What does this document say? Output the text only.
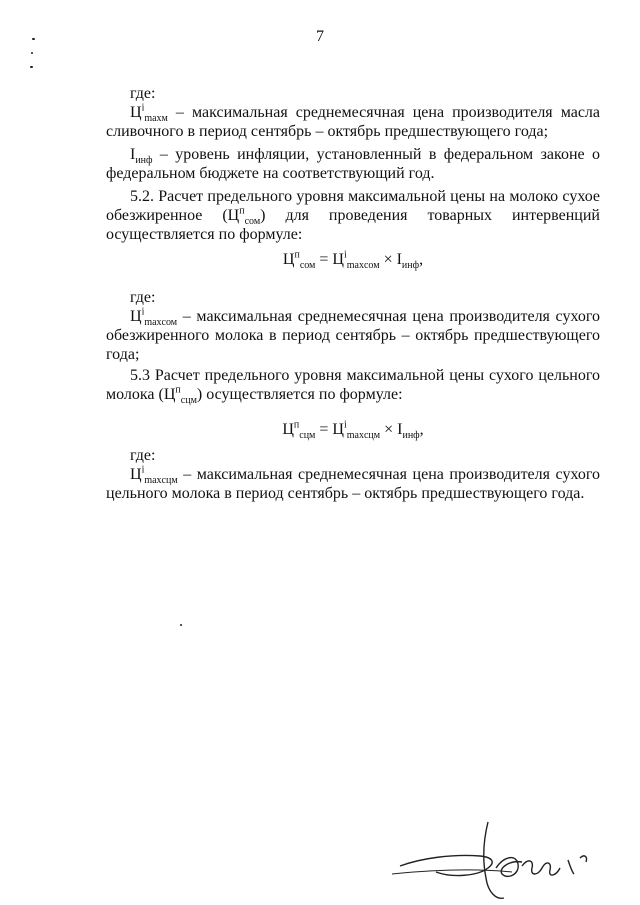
7

где:

$Ц^i_{maxм}$ – максимальная среднемесячная цена производителя масла сливочного в период сентябрь – октябрь предшествующего года;

$I_{инф}$ – уровень инфляции, установленный в федеральном законе о федеральном бюджете на соответствующий год.

5.2. Расчет предельного уровня максимальной цены на молоко сухое обезжиренное $(Ц^п_{сом})$ для проведения товарных интервенций осуществляется по формуле:

$Ц^п_{сом} = Ц^i_{maxсом} \times I_{инф}$,

где:

$Ц^i_{maxсом}$ – максимальная среднемесячная цена производителя сухого обезжиренного молока в период сентябрь – октябрь предшествующего года;

5.3 Расчет предельного уровня максимальной цены сухого цельного молока $(Ц^п_{сцм})$ осуществляется по формуле:

$Ц^п_{сцм} = Ц^i_{maxсцм} \times I_{инф}$,

где:

$Ц^i_{maxсцм}$ – максимальная среднемесячная цена производителя сухого цельного молока в период сентябрь – октябрь предшествующего года.
